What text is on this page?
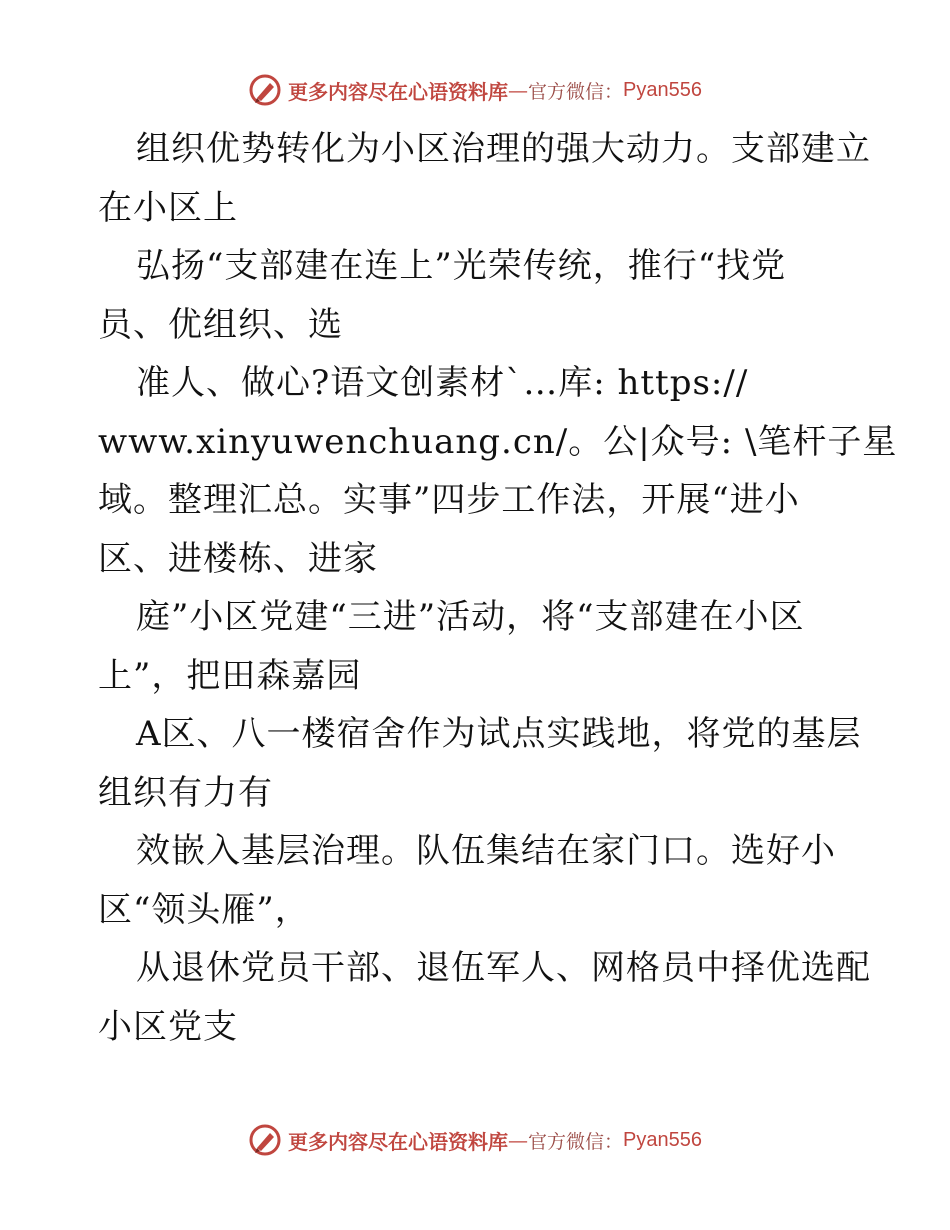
更多内容尽在心语资料库 — 官方微信： Pyan556
组织优势转化为小区治理的强大动力。支部建立
在小区上
弘扬“支部建在连上”光荣传统，推行“找党
员、优组织、选
准人、做心?语文创素材`…库: https://
www.xinyuwenchuang.cn/。公|众号: \笔杆子星
域。整理汇总。实事”四步工作法，开展“进小
区、进楼栋、进家
庭”小区党建“三进”活动，将“支部建在小区
上”，把田森嘉园
A区、八一楼宿舍作为试点实践地，将党的基层
组织有力有
效嵌入基层治理。队伍集结在家门口。选好小
区“领头雁”，
从退休党员干部、退伍军人、网格员中择优选配
小区党支
更多内容尽在心语资料库 — 官方微信： Pyan556
